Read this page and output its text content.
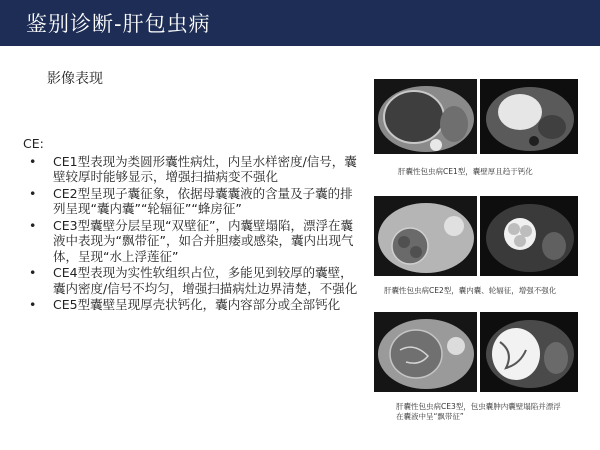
鉴别诊断-肝包虫病
影像表现
CE:
• CE1型表现为类圆形囊性病灶，内呈水样密度/信号，囊壁较厚时能够显示，增强扫描病变不强化
• CE2型呈现子囊征象，依据母囊囊液的含量及子囊的排列呈现“囊内囊”“轮辐征”“蜂房征”
• CE3型囊壁分层呈现“双壁征”，内囊壁塌陷，漂浮在囊液中表现为“飘带征”，如合并胆瘘或感染，囊内出现气体，呈现“水上浮莲征”
• CE4型表现为实性软组织占位，多能见到较厚的囊壁，囊内密度/信号不均匀，增强扫描病灶边界清楚，不强化
• CE5型囊壁呈现厚壳状钙化，囊内容部分或全部钙化
肝囊性包虫病CE1型，囊壁厚且趋于钙化
肝囊性包虫病CE2型，囊内囊、轮辐征，增强不强化
肝囊性包虫病CE3型，包虫囊肿内囊壁塌陷并漂浮在囊液中呈“飘带征”
